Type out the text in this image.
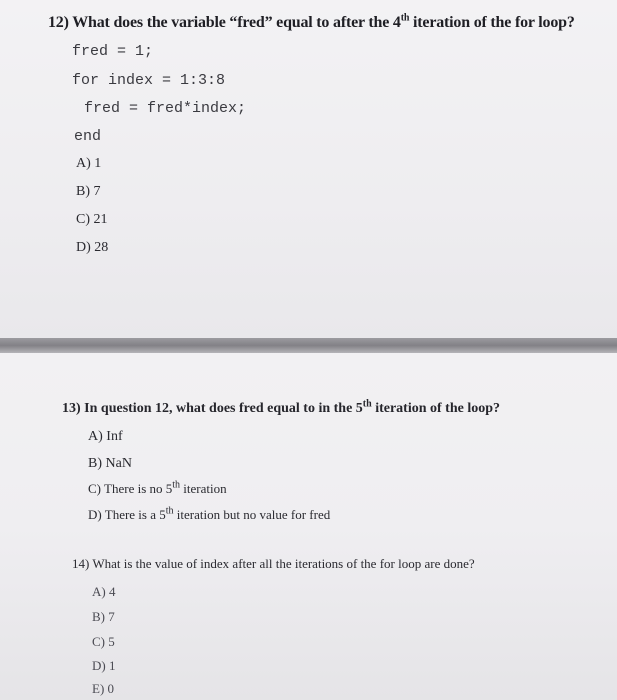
12) What does the variable “fred” equal to after the 4th iteration of the for loop?
fred = 1;
for index = 1:3:8
fred = fred*index;
end
A ) 1
B ) 7
C ) 21
D ) 28
13) In question 12, what does fred equal to in the 5th iteration of the loop?
A ) Inf
B ) NaN
C ) There is no 5th iteration
D ) There is a 5th iteration but no value for fred
14) What is the value of index after all the iterations of the for loop are done?
A ) 4
B ) 7
C ) 5
D ) 1
E ) 0
